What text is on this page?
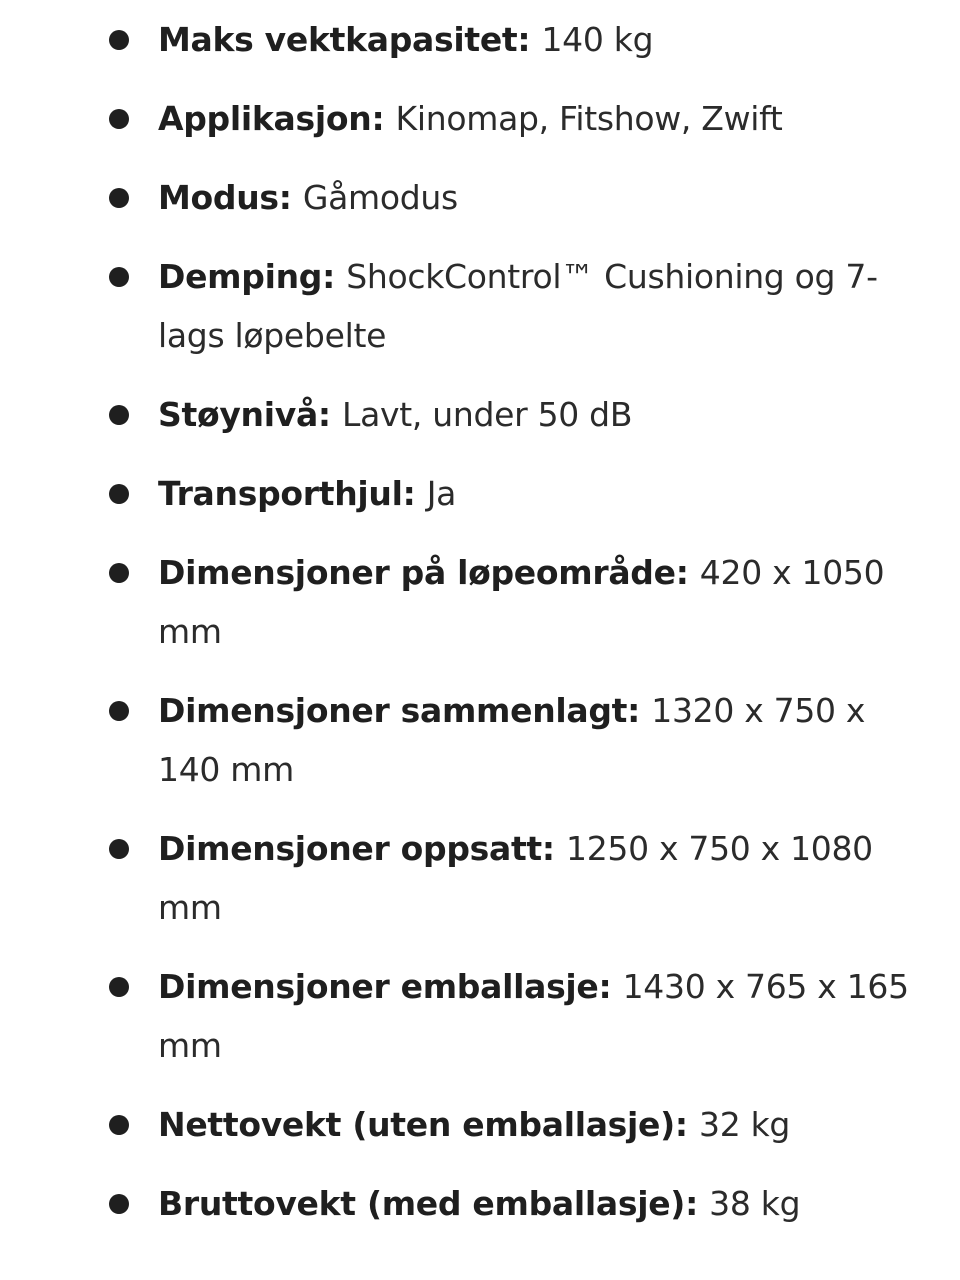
Maks vektkapasitet: 140 kg
Applikasjon: Kinomap, Fitshow, Zwift
Modus: Gåmodus
Demping: ShockControl™ Cushioning og 7-lags løpebelte
Støynivå: Lavt, under 50 dB
Transporthjul: Ja
Dimensjoner på løpeområde: 420 x 1050 mm
Dimensjoner sammenlagt: 1320 x 750 x 140 mm
Dimensjoner oppsatt: 1250 x 750 x 1080 mm
Dimensjoner emballasje: 1430 x 765 x 165 mm
Nettovekt (uten emballasje): 32 kg
Bruttovekt (med emballasje): 38 kg
